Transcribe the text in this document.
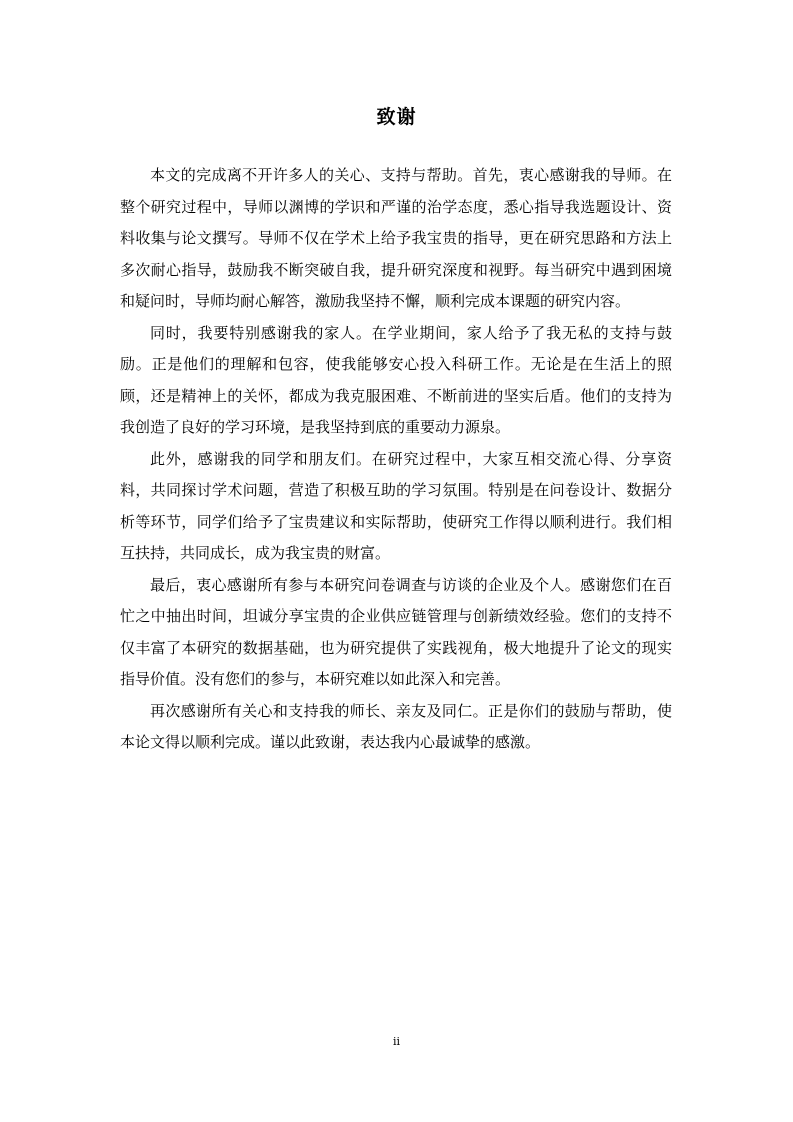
致谢

本文的完成离不开许多人的关心、支持与帮助。首先，衷心感谢我的导师。在整个研究过程中，导师以渊博的学识和严谨的治学态度，悉心指导我选题设计、资料收集与论文撰写。导师不仅在学术上给予我宝贵的指导，更在研究思路和方法上多次耐心指导，鼓励我不断突破自我，提升研究深度和视野。每当研究中遇到困境和疑问时，导师均耐心解答，激励我坚持不懈，顺利完成本课题的研究内容。

同时，我要特别感谢我的家人。在学业期间，家人给予了我无私的支持与鼓励。正是他们的理解和包容，使我能够安心投入科研工作。无论是在生活上的照顾，还是精神上的关怀，都成为我克服困难、不断前进的坚实后盾。他们的支持为我创造了良好的学习环境，是我坚持到底的重要动力源泉。

此外，感谢我的同学和朋友们。在研究过程中，大家互相交流心得、分享资料，共同探讨学术问题，营造了积极互助的学习氛围。特别是在问卷设计、数据分析等环节，同学们给予了宝贵建议和实际帮助，使研究工作得以顺利进行。我们相互扶持，共同成长，成为我宝贵的财富。

最后，衷心感谢所有参与本研究问卷调查与访谈的企业及个人。感谢您们在百忙之中抽出时间，坦诚分享宝贵的企业供应链管理与创新绩效经验。您们的支持不仅丰富了本研究的数据基础，也为研究提供了实践视角，极大地提升了论文的现实指导价值。没有您们的参与，本研究难以如此深入和完善。

再次感谢所有关心和支持我的师长、亲友及同仁。正是你们的鼓励与帮助，使本论文得以顺利完成。谨以此致谢，表达我内心最诚挚的感激。

ii
